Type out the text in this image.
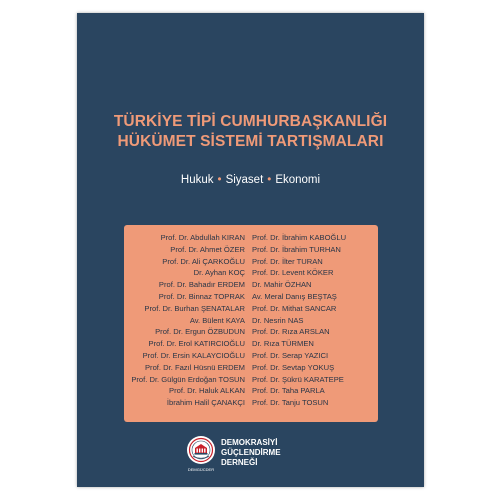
TÜRKİYE TİPİ CUMHURBAŞKANLIĞI
HÜKÜMET SİSTEMİ TARTIŞMALARI
Hukuk • Siyaset • Ekonomi
Prof. Dr. Abdullah KIRAN
Prof. Dr. Ahmet ÖZER
Prof. Dr. Ali ÇARKOĞLU
Dr. Ayhan KOÇ
Prof. Dr. Bahadır ERDEM
Prof. Dr. Binnaz TOPRAK
Prof. Dr. Burhan ŞENATALAR
Av. Bülent KAYA
Prof. Dr. Ergun ÖZBUDUN
Prof. Dr. Erol KATIRCIOĞLU
Prof. Dr. Ersin KALAYCIOĞLU
Prof. Dr. Fazıl Hüsnü ERDEM
Prof. Dr. Gülgün Erdoğan TOSUN
Prof. Dr. Haluk ALKAN
İbrahim Halil ÇANAKÇI
Prof. Dr. İbrahim KABOĞLU
Prof. Dr. İbrahim TURHAN
Prof. Dr. İlter TURAN
Prof. Dr. Levent KÖKER
Dr. Mahir ÖZHAN
Av. Meral Danış BEŞTAŞ
Prof. Dr. Mithat SANCAR
Dr. Nesrin NAS
Prof. Dr. Rıza ARSLAN
Dr. Rıza TÜRMEN
Prof. Dr. Serap YAZICI
Prof. Dr. Sevtap YOKUŞ
Prof. Dr. Şükrü KARATEPE
Prof. Dr. Taha PARLA
Prof. Dr. Tanju TOSUN
DEMGÜCDER
DEMOKRASİYİ
GÜÇLENDİRME
DERNEĞİ
